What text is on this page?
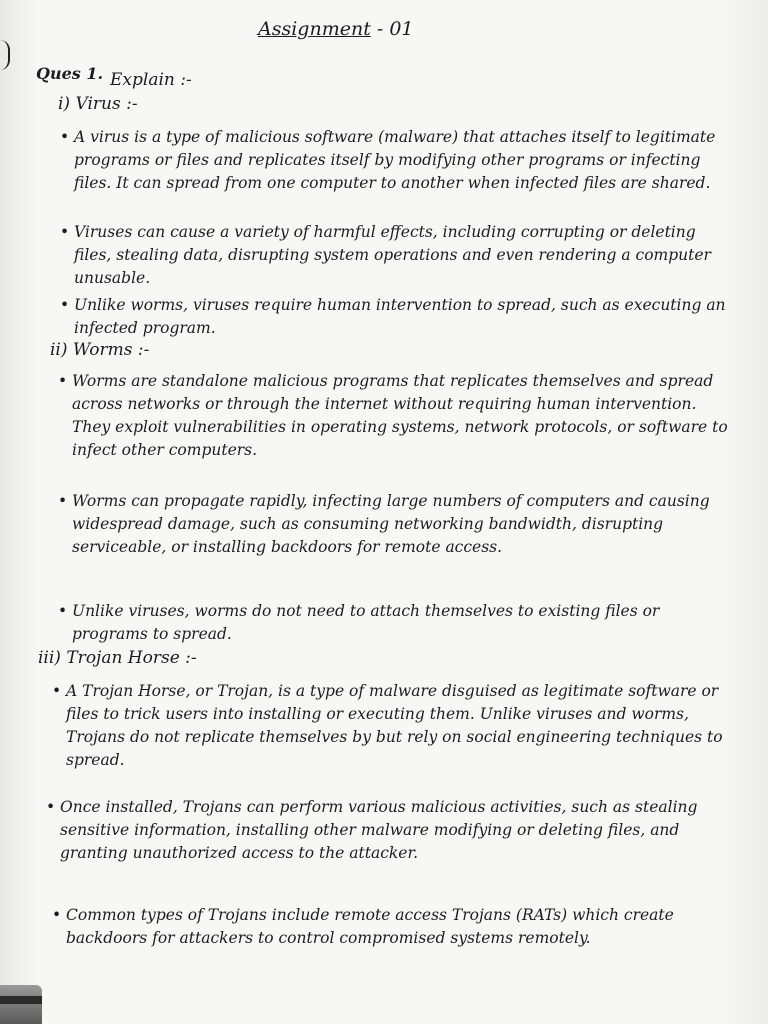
Assignment - 01
Ques 1. Explain :-
i) Virus :-
• A virus is a type of malicious software (malware) that attaches itself to legitimate programs or files and replicates itself by modifying other programs or infecting files. It can spread from one computer to another when infected files are shared.
• Viruses can cause a variety of harmful effects, including corrupting or deleting files, stealing data, disrupting system operations and even rendering a computer unusable.
• Unlike worms, viruses require human intervention to spread, such as executing an infected program.
ii) Worms :-
• Worms are standalone malicious programs that replicates themselves and spread across networks or through the internet without requiring human intervention. They exploit vulnerabilities in operating systems, network protocols, or software to infect other computers.
• Worms can propagate rapidly, infecting large numbers of computers and causing widespread damage, such as consuming networking bandwidth, disrupting serviceable, or installing backdoors for remote access.
• Unlike viruses, worms do not need to attach themselves to existing files or programs to spread.
iii) Trojan Horse :-
• A Trojan Horse, or Trojan, is a type of malware disguised as legitimate software or files to trick users into installing or executing them. Unlike viruses and worms, Trojans do not replicate themselves by but rely on social engineering techniques to spread.
• Once installed, Trojans can perform various malicious activities, such as stealing sensitive information, installing other malware modifying or deleting files, and granting unauthorized access to the attacker.
• Common types of Trojans include remote access Trojans (RATs) which create backdoors for attackers to control compromised systems remotely.
